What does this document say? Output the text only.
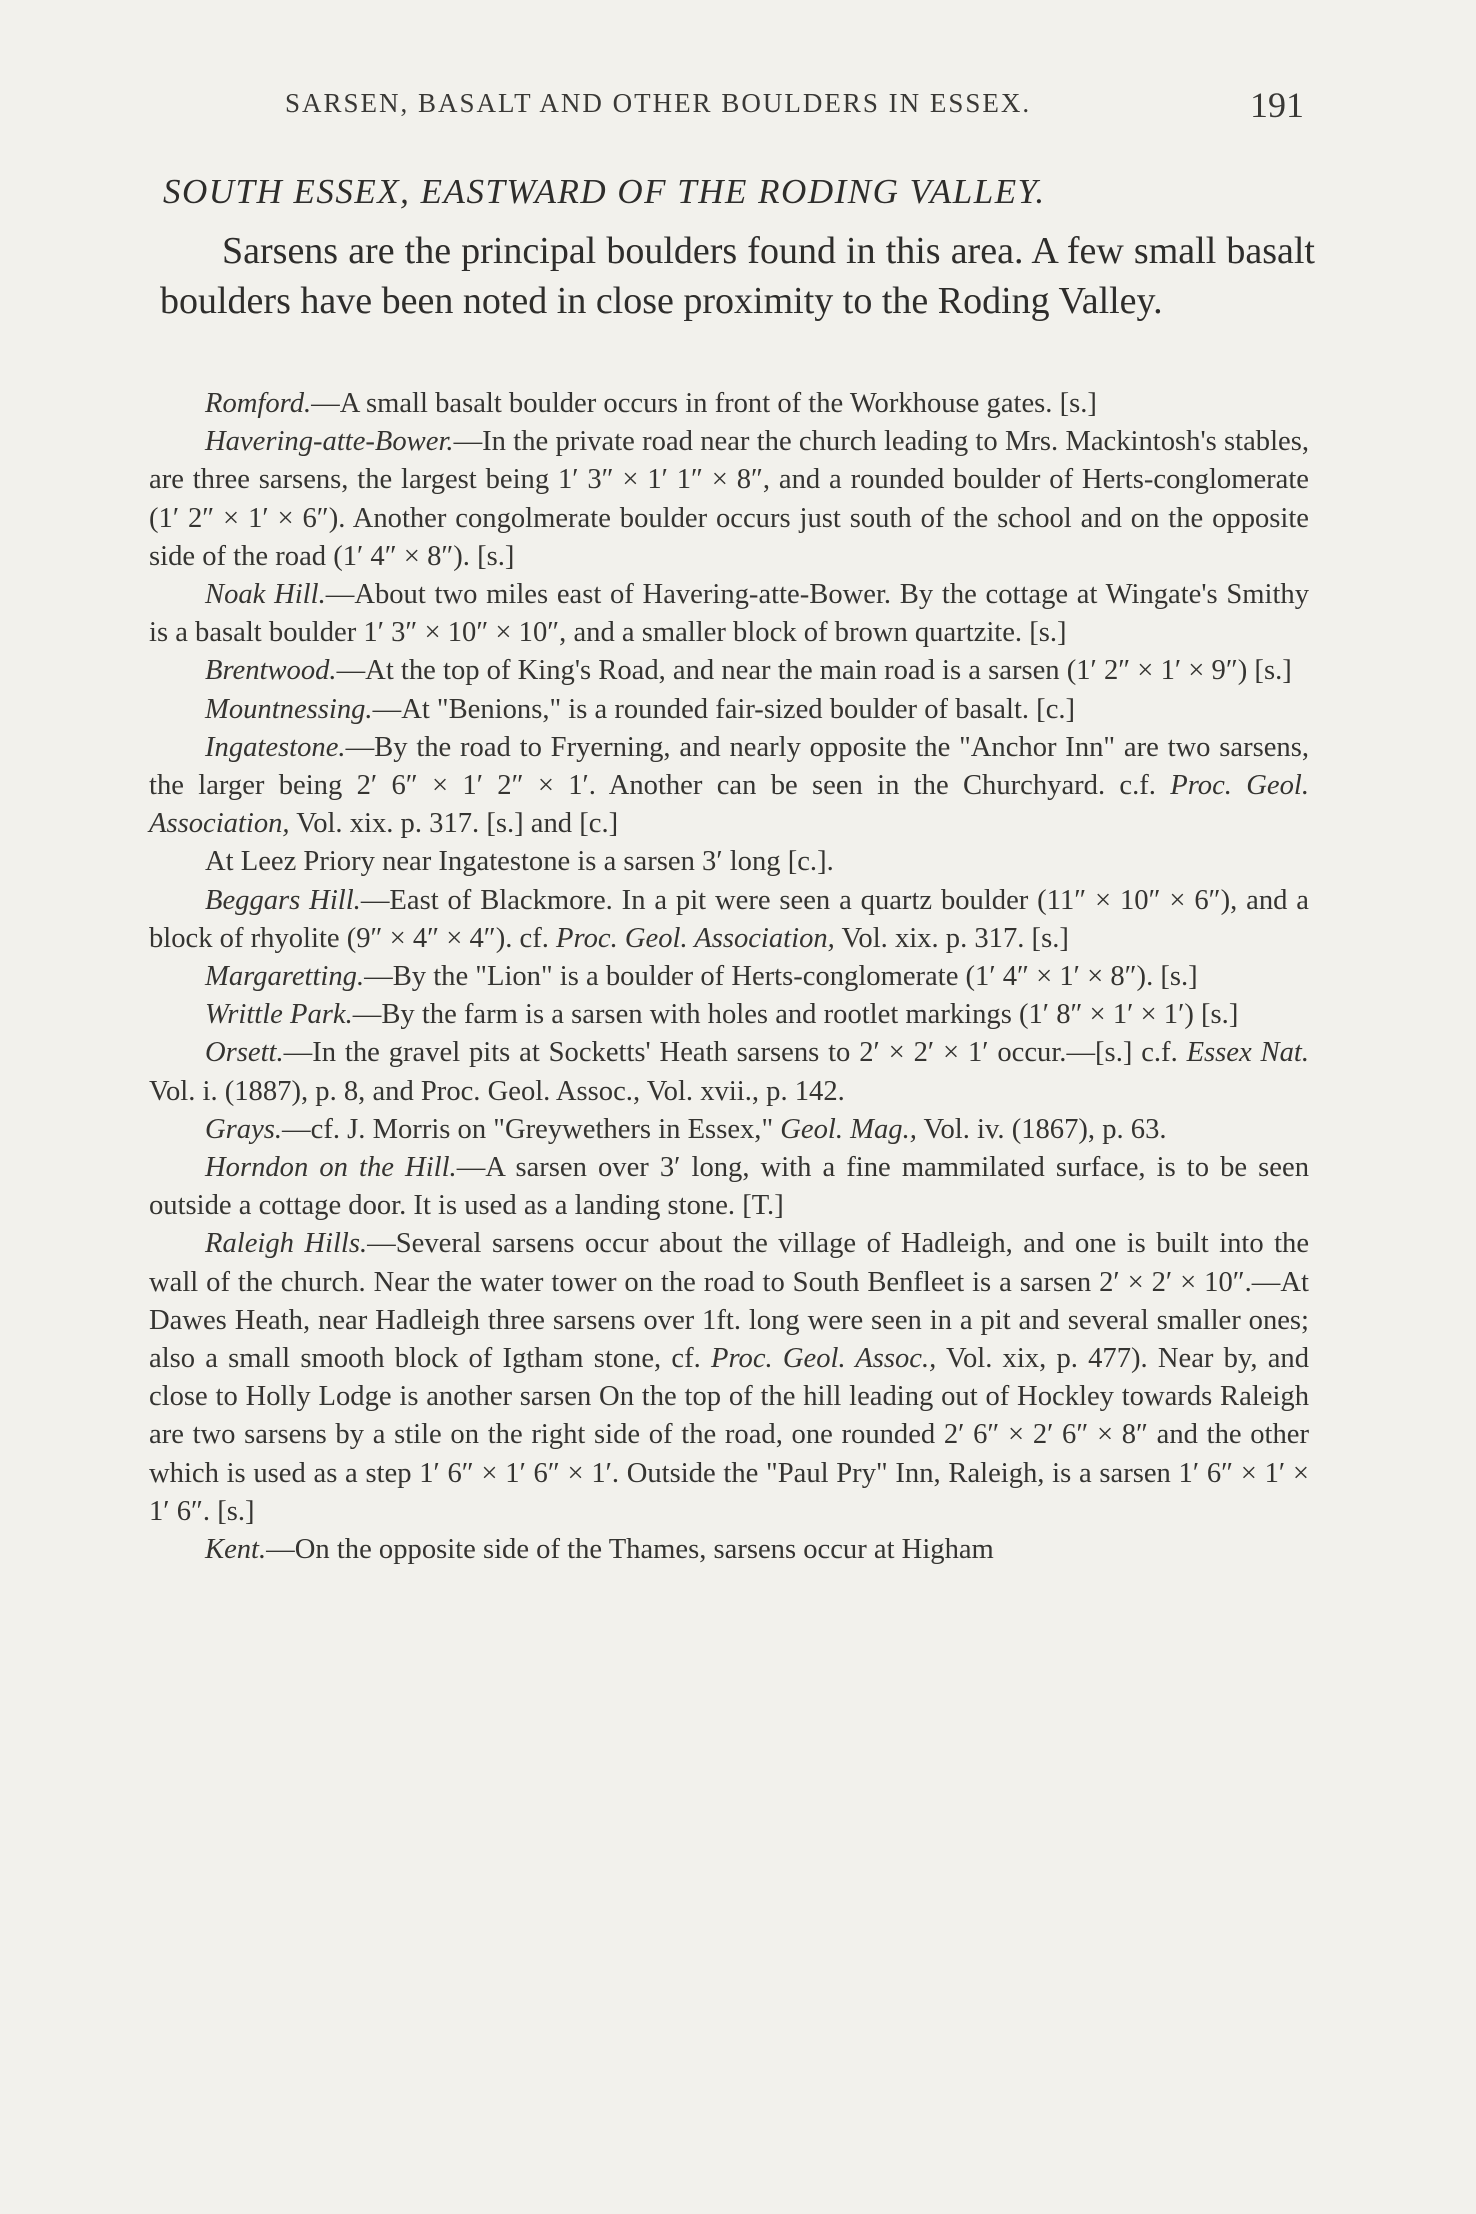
SARSEN, BASALT AND OTHER BOULDERS IN ESSEX.	191
SOUTH ESSEX, EASTWARD OF THE RODING VALLEY.

Sarsens are the principal boulders found in this area. A few small basalt boulders have been noted in close proximity to the Roding Valley.

Romford.—A small basalt boulder occurs in front of the Workhouse gates. [s.]

Havering-atte-Bower.—In the private road near the church leading to Mrs. Mackintosh's stables, are three sarsens, the largest being 1′ 3″ × 1′ 1″ × 8″, and a rounded boulder of Herts-conglomerate (1′ 2″ × 1′ × 6″). Another congolmerate boulder occurs just south of the school and on the opposite side of the road (1′ 4″ × 8″). [s.]

Noak Hill.—About two miles east of Havering-atte-Bower. By the cottage at Wingate's Smithy is a basalt boulder 1′ 3″ × 10″ × 10″, and a smaller block of brown quartzite. [s.]

Brentwood.—At the top of King's Road, and near the main road is a sarsen (1′ 2″ × 1′ × 9″) [s.]

Mountnessing.—At "Benions," is a rounded fair-sized boulder of basalt. [c.]

Ingatestone.—By the road to Fryerning, and nearly opposite the "Anchor Inn" are two sarsens, the larger being 2′ 6″ × 1′ 2″ × 1′. Another can be seen in the Churchyard. c.f. Proc. Geol. Association, Vol. xix. p. 317. [s.] and [c.]

At Leez Priory near Ingatestone is a sarsen 3′ long [c.].

Beggars Hill.—East of Blackmore. In a pit were seen a quartz boulder (11″ × 10″ × 6″), and a block of rhyolite (9″ × 4″ × 4″). cf. Proc. Geol. Association, Vol. xix. p. 317. [s.]

Margaretting.—By the "Lion" is a boulder of Herts-conglomerate (1′ 4″ × 1′ × 8″). [s.]

Writtle Park.—By the farm is a sarsen with holes and rootlet markings (1′ 8″ × 1′ × 1′) [s.]

Orsett.—In the gravel pits at Socketts' Heath sarsens to 2′ × 2′ × 1′ occur.—[s.] c.f. Essex Nat. Vol. i. (1887), p. 8, and Proc. Geol. Assoc., Vol. xvii., p. 142.

Grays.—cf. J. Morris on "Greywethers in Essex," Geol. Mag., Vol. iv. (1867), p. 63.

Horndon on the Hill.—A sarsen over 3′ long, with a fine mammilated surface, is to be seen outside a cottage door. It is used as a landing stone. [T.]

Raleigh Hills.—Several sarsens occur about the village of Hadleigh, and one is built into the wall of the church. Near the water tower on the road to South Benfleet is a sarsen 2′ × 2′ × 10″.—At Dawes Heath, near Hadleigh three sarsens over 1ft. long were seen in a pit and several smaller ones; also a small smooth block of Igtham stone, cf. Proc. Geol. Assoc., Vol. xix, p. 477). Near by, and close to Holly Lodge is another sarsen On the top of the hill leading out of Hockley towards Raleigh are two sarsens by a stile on the right side of the road, one rounded 2′ 6″ × 2′ 6″ × 8″ and the other which is used as a step 1′ 6″ × 1′ 6″ × 1′. Outside the "Paul Pry" Inn, Raleigh, is a sarsen 1′ 6″ × 1′ × 1′ 6″. [s.]

Kent.—On the opposite side of the Thames, sarsens occur at Higham
